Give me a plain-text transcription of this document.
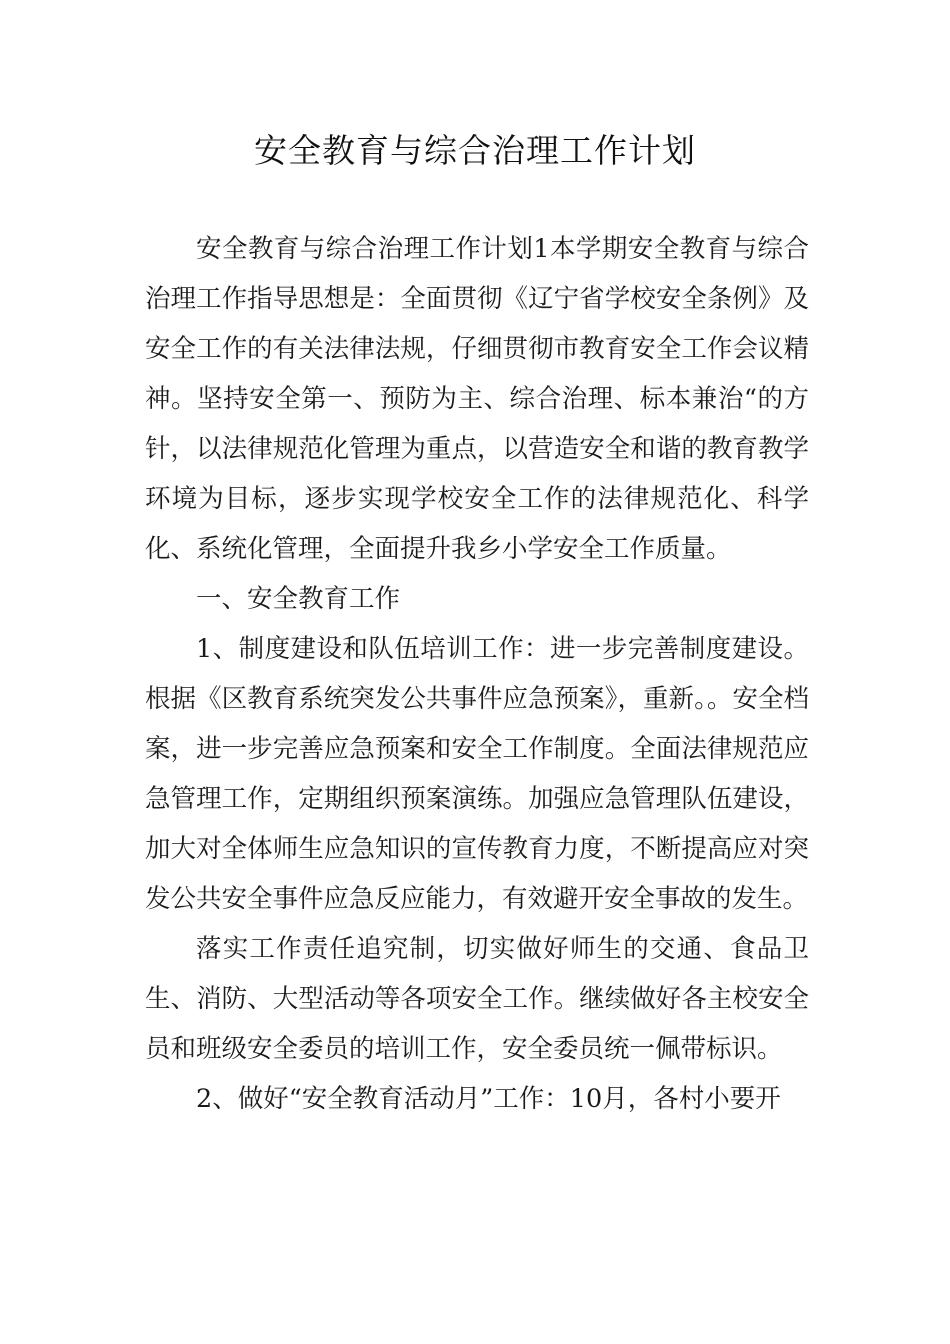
安全教育与综合治理工作计划

安全教育与综合治理工作计划1本学期安全教育与综合治理工作指导思想是：全面贯彻《辽宁省学校安全条例》及安全工作的有关法律法规，仔细贯彻市教育安全工作会议精神。坚持安全第一、预防为主、综合治理、标本兼治“的方针，以法律规范化管理为重点，以营造安全和谐的教育教学环境为目标，逐步实现学校安全工作的法律规范化、科学化、系统化管理，全面提升我乡小学安全工作质量。

一、安全教育工作

1、制度建设和队伍培训工作：进一步完善制度建设。根据《区教育系统突发公共事件应急预案》，重新。。安全档案，进一步完善应急预案和安全工作制度。全面法律规范应急管理工作，定期组织预案演练。加强应急管理队伍建设，加大对全体师生应急知识的宣传教育力度，不断提高应对突发公共安全事件应急反应能力，有效避开安全事故的发生。

落实工作责任追究制，切实做好师生的交通、食品卫生、消防、大型活动等各项安全工作。继续做好各主校安全员和班级安全委员的培训工作，安全委员统一佩带标识。

2、做好“安全教育活动月”工作：10月，各村小要开
